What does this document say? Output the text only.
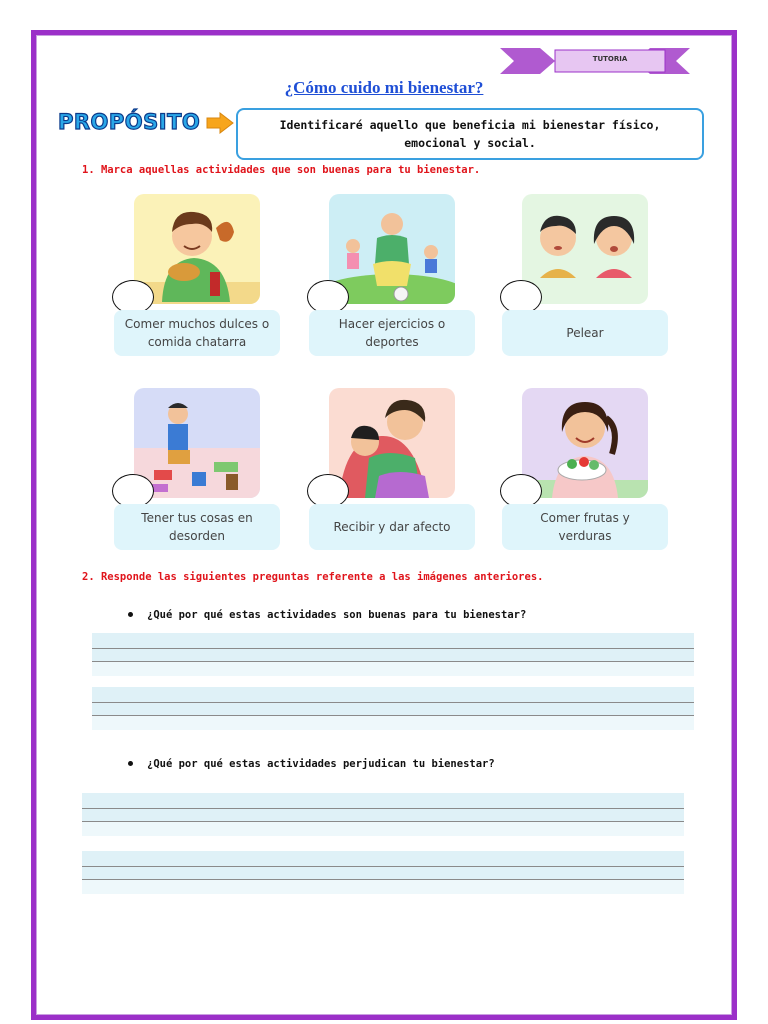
TUTORIA
¿Cómo cuido mi bienestar?
PROPÓSITO	Identificaré aquello que beneficia mi bienestar físico, emocional y social.
1. Marca aquellas actividades que son buenas para tu bienestar.
Comer muchos dulces o comida chatarra
Hacer ejercicios o deportes
Pelear
Tener tus cosas en desorden
Recibir y dar afecto
Comer frutas y verduras
2. Responde las siguientes preguntas referente a las imágenes anteriores.
¿Qué por qué estas actividades son buenas para tu bienestar?
¿Qué por qué estas actividades perjudican tu bienestar?
